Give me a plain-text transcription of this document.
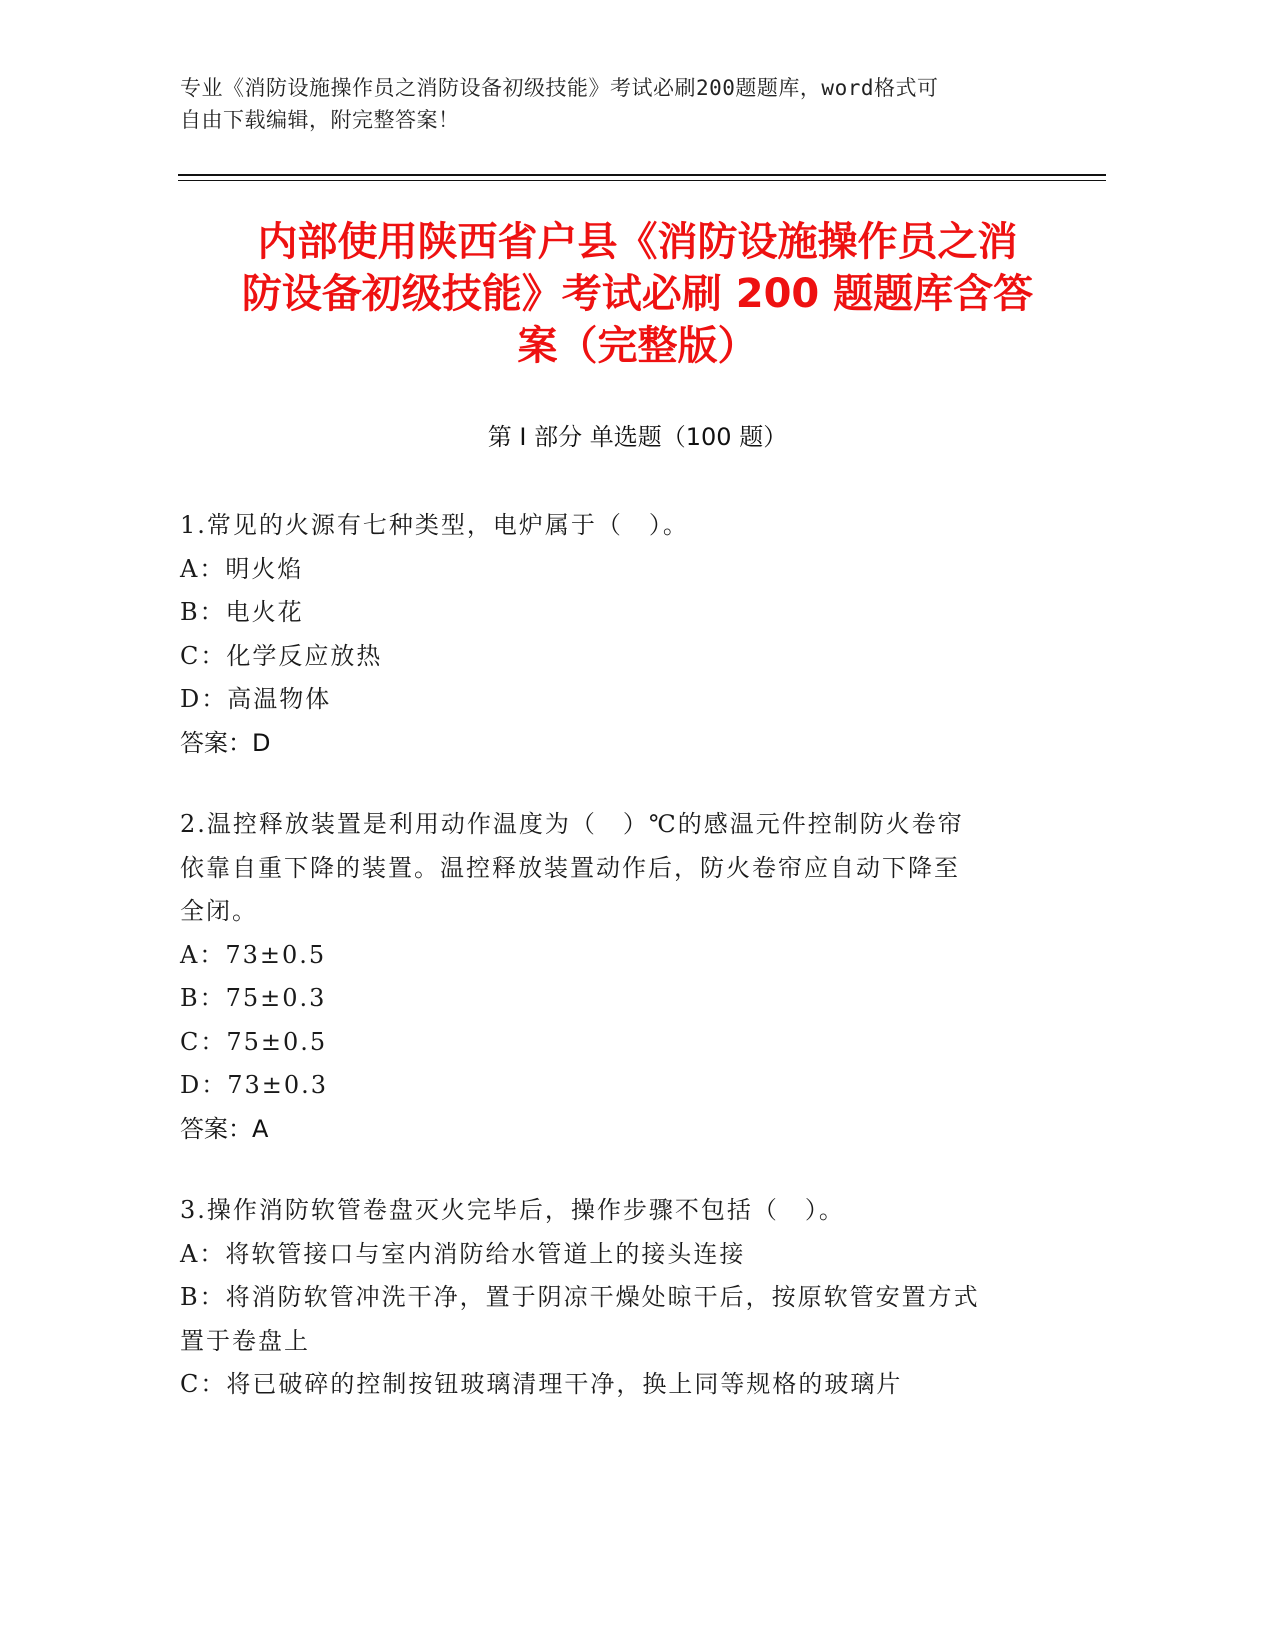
专业《消防设施操作员之消防设备初级技能》考试必刷200题题库，word格式可
自由下载编辑，附完整答案！
内部使用陕西省户县《消防设施操作员之消
防设备初级技能》考试必刷 200 题题库含答
案（完整版）
第 I 部分 单选题（100 题）
1.常见的火源有七种类型，电炉属于（　）。
A：明火焰
B：电火花
C：化学反应放热
D：高温物体
答案：D
2.温控释放装置是利用动作温度为（　）℃的感温元件控制防火卷帘
依靠自重下降的装置。温控释放装置动作后，防火卷帘应自动下降至
全闭。
A：73±0.5
B：75±0.3
C：75±0.5
D：73±0.3
答案：A
3.操作消防软管卷盘灭火完毕后，操作步骤不包括（　）。
A：将软管接口与室内消防给水管道上的接头连接
B：将消防软管冲洗干净，置于阴凉干燥处晾干后，按原软管安置方式
置于卷盘上
C：将已破碎的控制按钮玻璃清理干净，换上同等规格的玻璃片
